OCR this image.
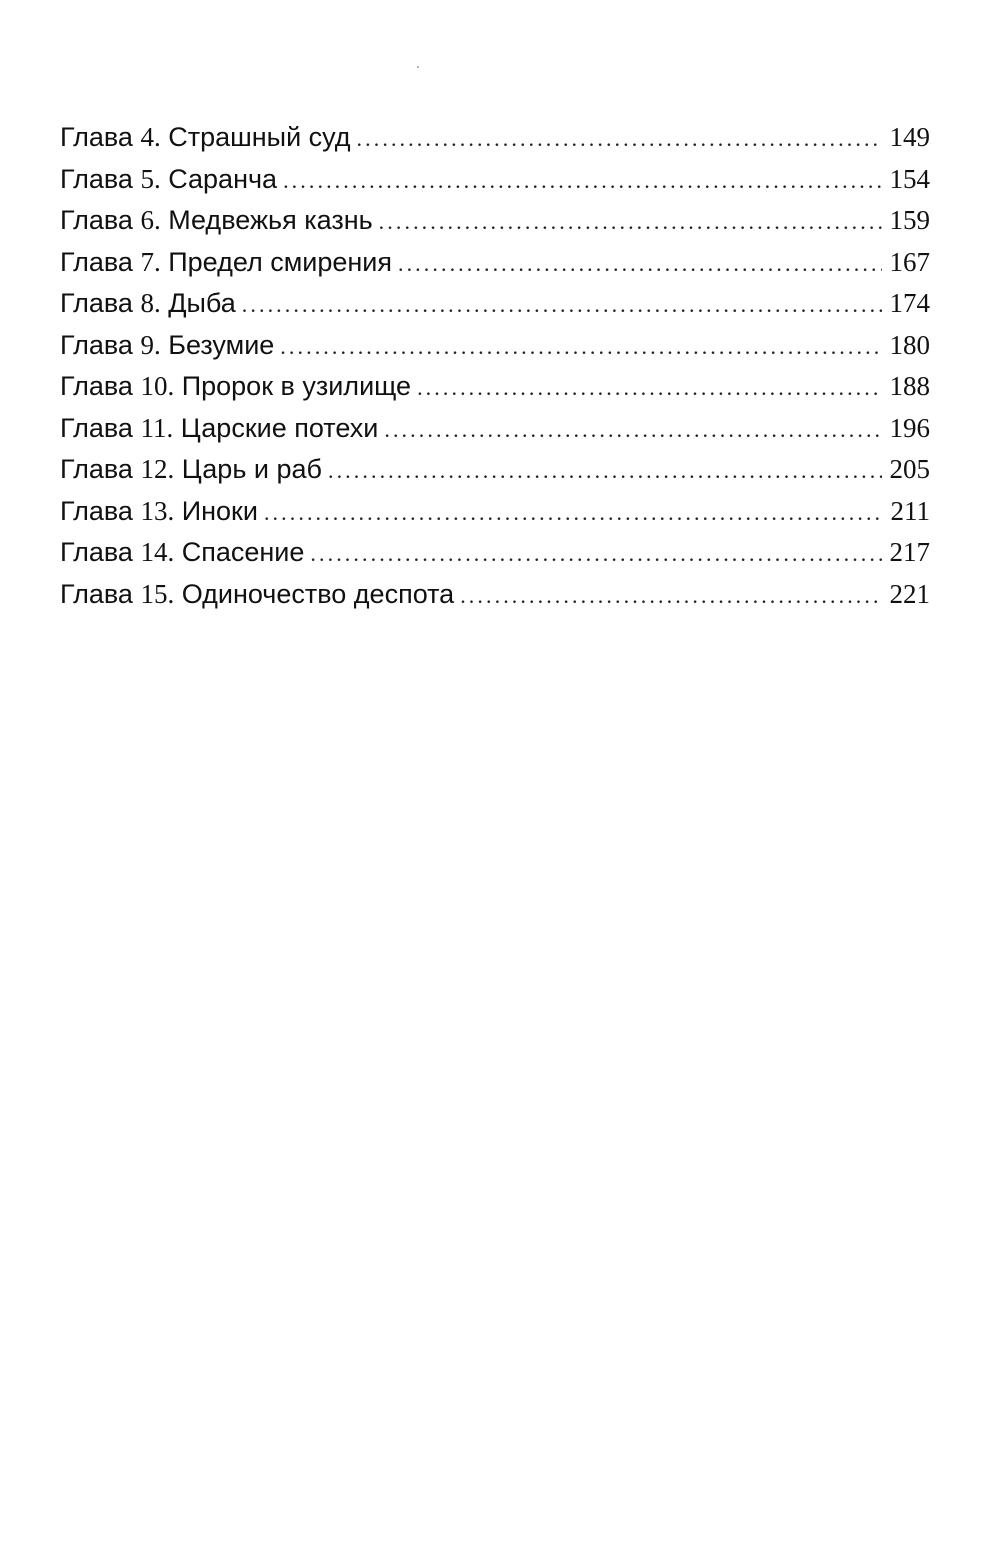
Глава 4. Страшный суд . . .	149
Глава 5. Саранча . . .	154
Глава 6. Медвежья казнь . . .	159
Глава 7. Предел смирения . . .	167
Глава 8. Дыба . . .	174
Глава 9. Безумие . . .	180
Глава 10. Пророк в узилище . . .	188
Глава 11. Царские потехи . . .	196
Глава 12. Царь и раб . . .	205
Глава 13. Иноки . . .	211
Глава 14. Спасение . . .	217
Глава 15. Одиночество деспота . . .	221
